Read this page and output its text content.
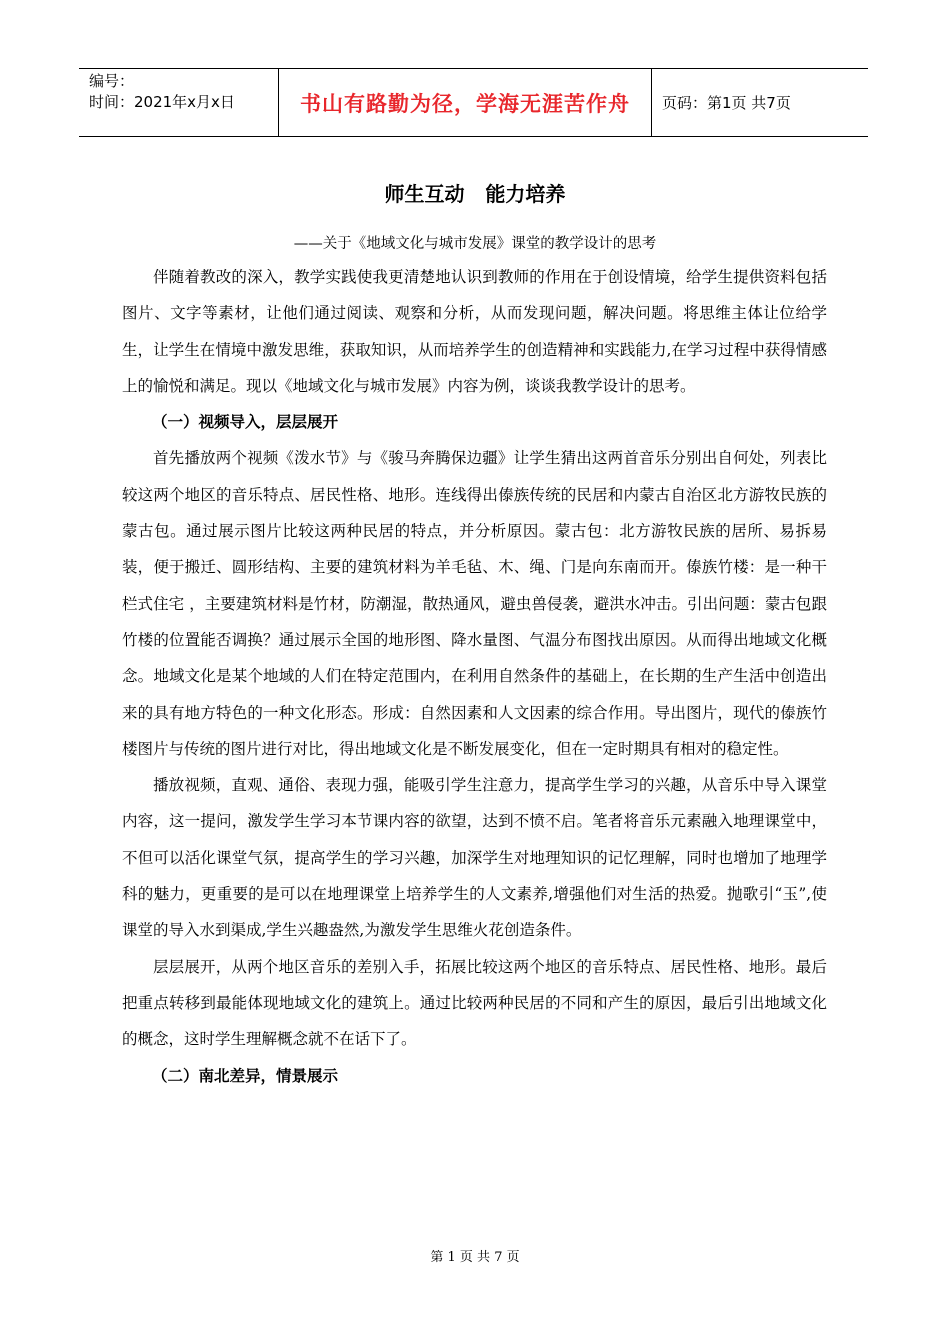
编号：
时间：2021年x月x日	书山有路勤为径，学海无涯苦作舟	页码：第1页 共7页
师生互动   能力培养
——关于《地域文化与城市发展》课堂的教学设计的思考

伴随着教改的深入，教学实践使我更清楚地认识到教师的作用在于创设情境，给学生提供资料包括图片、文字等素材，让他们通过阅读、观察和分析，从而发现问题，解决问题。将思维主体让位给学生，让学生在情境中激发思维，获取知识，从而培养学生的创造精神和实践能力,在学习过程中获得情感上的愉悦和满足。现以《地域文化与城市发展》内容为例，谈谈我教学设计的思考。

（一）视频导入，层层展开

首先播放两个视频《泼水节》与《骏马奔腾保边疆》让学生猜出这两首音乐分别出自何处，列表比较这两个地区的音乐特点、居民性格、地形。连线得出傣族传统的民居和内蒙古自治区北方游牧民族的蒙古包。通过展示图片比较这两种民居的特点，并分析原因。蒙古包：北方游牧民族的居所、易拆易装，便于搬迁、圆形结构、主要的建筑材料为羊毛毡、木、绳、门是向东南而开。傣族竹楼：是一种干栏式住宅 ，主要建筑材料是竹材，防潮湿，散热通风，避虫兽侵袭，避洪水冲击。引出问题：蒙古包跟竹楼的位置能否调换？通过展示全国的地形图、降水量图、气温分布图找出原因。从而得出地域文化概念。地域文化是某个地域的人们在特定范围内，在利用自然条件的基础上，在长期的生产生活中创造出来的具有地方特色的一种文化形态。形成：自然因素和人文因素的综合作用。导出图片，现代的傣族竹楼图片与传统的图片进行对比，得出地域文化是不断发展变化，但在一定时期具有相对的稳定性。

播放视频，直观、通俗、表现力强，能吸引学生注意力，提高学生学习的兴趣，从音乐中导入课堂内容，这一提问，激发学生学习本节课内容的欲望，达到不愤不启。笔者将音乐元素融入地理课堂中，不但可以活化课堂气氛，提高学生的学习兴趣，加深学生对地理知识的记忆理解，同时也增加了地理学科的魅力，更重要的是可以在地理课堂上培养学生的人文素养,增强他们对生活的热爱。抛歌引“玉”,使课堂的导入水到渠成,学生兴趣盎然,为激发学生思维火花创造条件。

层层展开，从两个地区音乐的差别入手，拓展比较这两个地区的音乐特点、居民性格、地形。最后把重点转移到最能体现地域文化的建筑上。通过比较两种民居的不同和产生的原因，最后引出地域文化的概念，这时学生理解概念就不在话下了。

（二）南北差异，情景展示
第 1 页 共 7 页
